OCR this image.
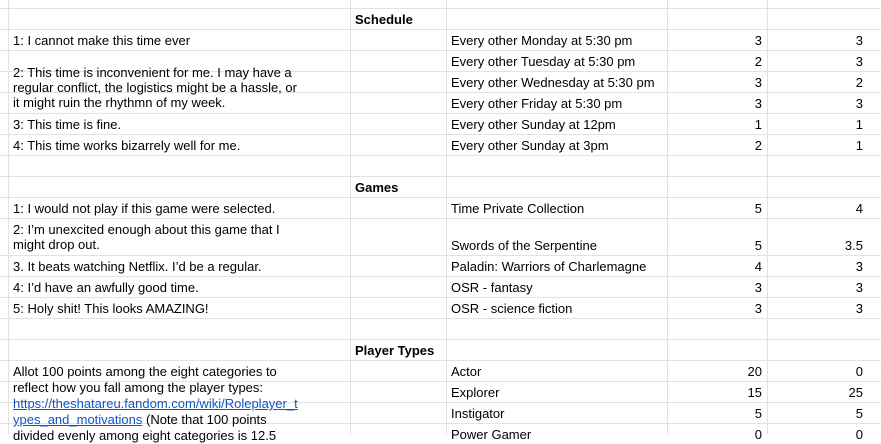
Schedule
1: I cannot make this time ever
2: This time is inconvenient for me. I may have a regular conflict, the logistics might be a hassle, or it might ruin the rhythmn of my week.
3: This time is fine.
4: This time works bizarrely well for me.
Every other Monday at 5:30 pm	3	3
Every other Tuesday at 5:30 pm	2	3
Every other Wednesday at 5:30 pm	3	2
Every other Friday at 5:30 pm	3	3
Every other Sunday at 12pm	1	1
Every other Sunday at 3pm	2	1
Games
1: I would not play if this game were selected.
2: I’m unexcited enough about this game that I might drop out.
3. It beats watching Netflix. I’d be a regular.
4: I’d have an awfully good time.
5: Holy shit! This looks AMAZING!
Time Private Collection	5	4
Swords of the Serpentine	5	3.5
Paladin: Warriors of Charlemagne	4	3
OSR - fantasy	3	3
OSR - science fiction	3	3
Player Types
Allot 100 points among the eight categories to reflect how you fall among the player types:
https://theshatareu.fandom.com/wiki/Roleplayer_types_and_motivations (Note that 100 points divided evenly among eight categories is 12.5
Actor	20	0
Explorer	15	25
Instigator	5	5
Power Gamer	0	0
